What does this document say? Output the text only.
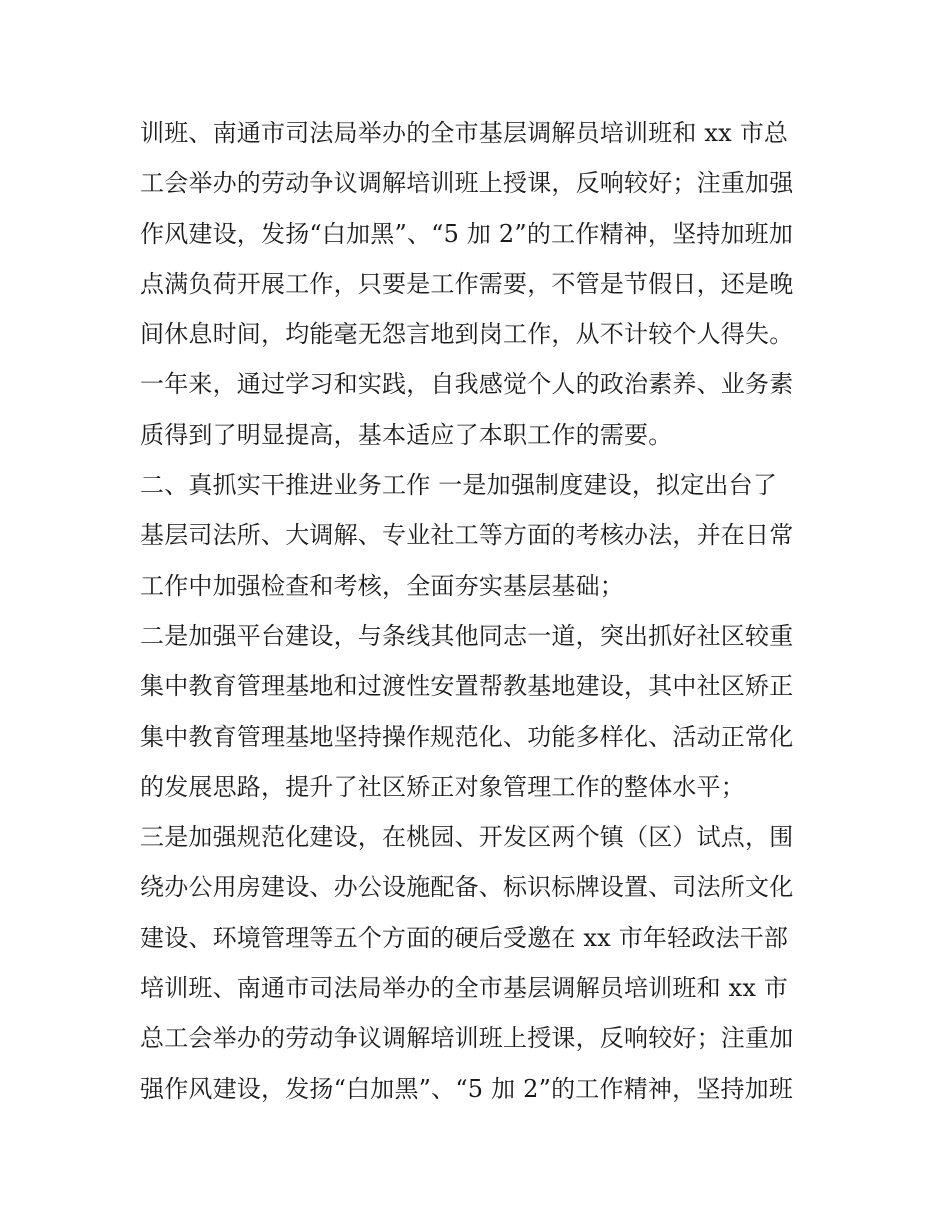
训班、南通市司法局举办的全市基层调解员培训班和 xx 市总
工会举办的劳动争议调解培训班上授课，反响较好；注重加强
作风建设，发扬“白加黑”、“5 加 2”的工作精神，坚持加班加
点满负荷开展工作，只要是工作需要，不管是节假日，还是晚
间休息时间，均能毫无怨言地到岗工作，从不计较个人得失。
一年来，通过学习和实践，自我感觉个人的政治素养、业务素
质得到了明显提高，基本适应了本职工作的需要。
二、真抓实干推进业务工作 一是加强制度建设，拟定出台了
基层司法所、大调解、专业社工等方面的考核办法，并在日常
工作中加强检查和考核，全面夯实基层基础；
二是加强平台建设，与条线其他同志一道，突出抓好社区较重
集中教育管理基地和过渡性安置帮教基地建设，其中社区矫正
集中教育管理基地坚持操作规范化、功能多样化、活动正常化
的发展思路，提升了社区矫正对象管理工作的整体水平；
三是加强规范化建设，在桃园、开发区两个镇（区）试点，围
绕办公用房建设、办公设施配备、标识标牌设置、司法所文化
建设、环境管理等五个方面的硬后受邀在 xx 市年轻政法干部
培训班、南通市司法局举办的全市基层调解员培训班和 xx 市
总工会举办的劳动争议调解培训班上授课，反响较好；注重加
强作风建设，发扬“白加黑”、“5 加 2”的工作精神，坚持加班
